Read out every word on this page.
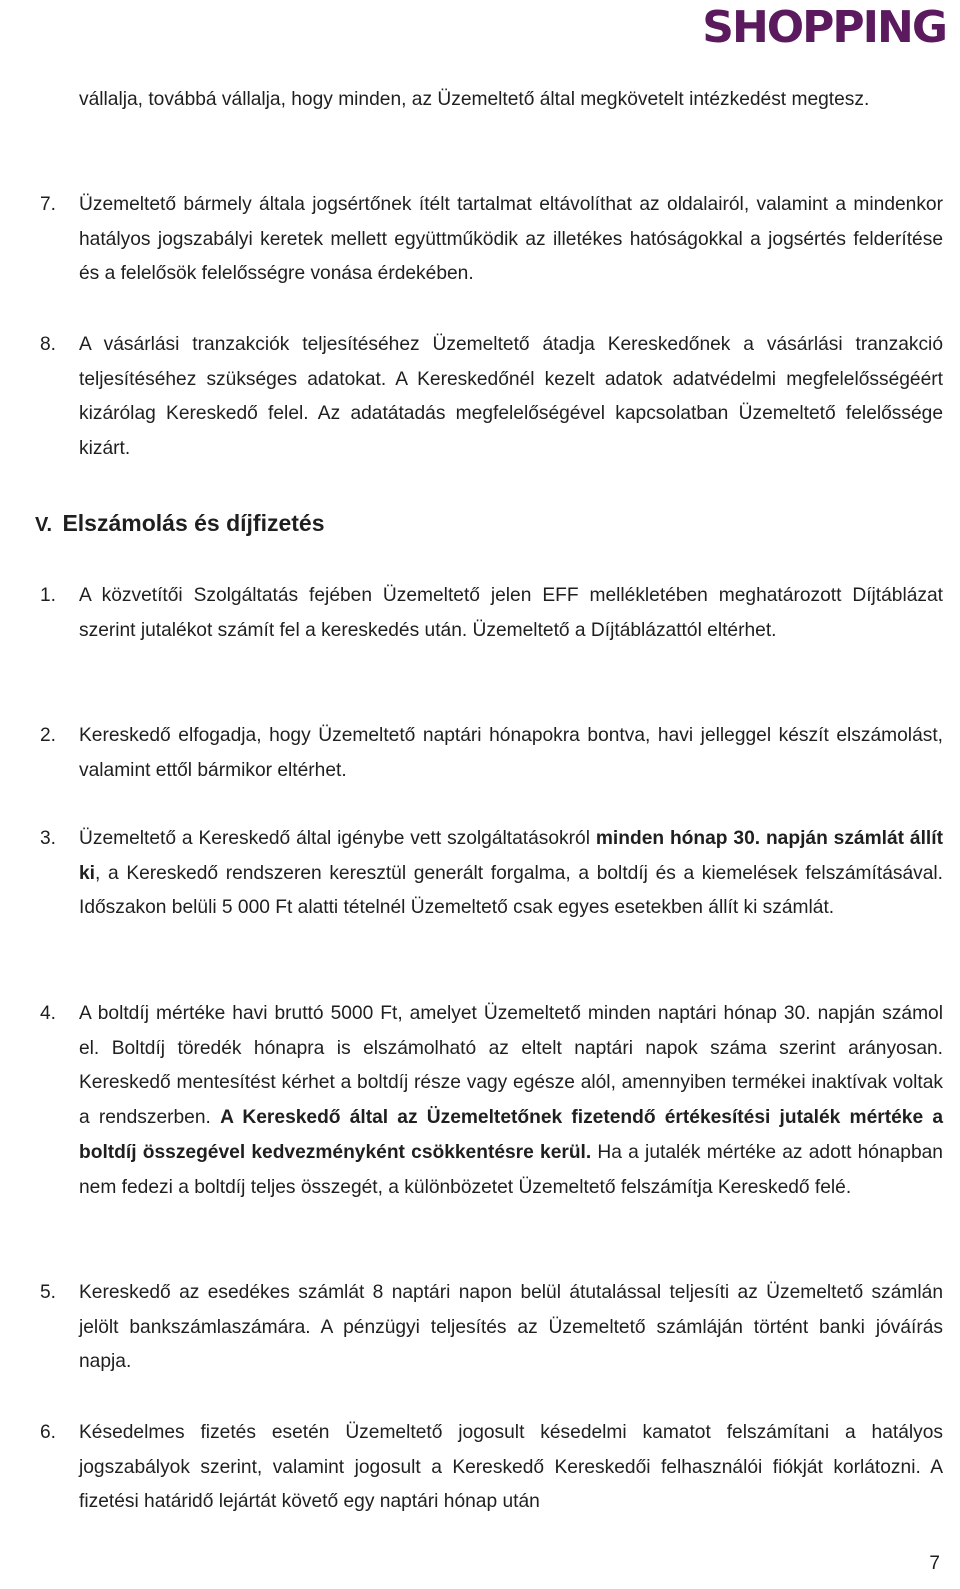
SHOPPING
vállalja, továbbá vállalja, hogy minden, az Üzemeltető által megkövetelt intézkedést megtesz.
7. Üzemeltető bármely általa jogsértőnek ítélt tartalmat eltávolíthat az oldalairól, valamint a mindenkor hatályos jogszabályi keretek mellett együttműködik az illetékes hatóságokkal a jogsértés felderítése és a felelősök felelősségre vonása érdekében.
8. A vásárlási tranzakciók teljesítéséhez Üzemeltető átadja Kereskedőnek a vásárlási tranzakció teljesítéséhez szükséges adatokat. A Kereskedőnél kezelt adatok adatvédelmi megfelelősségéért kizárólag Kereskedő felel. Az adatátadás megfelelőségével kapcsolatban Üzemeltető felelőssége kizárt.
V. Elszámolás és díjfizetés
1. A közvetítői Szolgáltatás fejében Üzemeltető jelen EFF mellékletében meghatározott Díjtáblázat szerint jutalékot számít fel a kereskedés után. Üzemeltető a Díjtáblázattól eltérhet.
2. Kereskedő elfogadja, hogy Üzemeltető naptári hónapokra bontva, havi jelleggel készít elszámolást, valamint ettől bármikor eltérhet.
3. Üzemeltető a Kereskedő által igénybe vett szolgáltatásokról minden hónap 30. napján számlát állít ki, a Kereskedő rendszeren keresztül generált forgalma, a boltdíj és a kiemelések felszámításával. Időszakon belüli 5 000 Ft alatti tételnél Üzemeltető csak egyes esetekben állít ki számlát.
4. A boltdíj mértéke havi bruttó 5000 Ft, amelyet Üzemeltető minden naptári hónap 30. napján számol el. Boltdíj töredék hónapra is elszámolható az eltelt naptári napok száma szerint arányosan. Kereskedő mentesítést kérhet a boltdíj része vagy egésze alól, amennyiben termékei inaktívak voltak a rendszerben. A Kereskedő által az Üzemeltetőnek fizetendő értékesítési jutalék mértéke a boltdíj összegével kedvezményként csökkentésre kerül. Ha a jutalék mértéke az adott hónapban nem fedezi a boltdíj teljes összegét, a különbözetet Üzemeltető felszámítja Kereskedő felé.
5. Kereskedő az esedékes számlát 8 naptári napon belül átutalással teljesíti az Üzemeltető számlán jelölt bankszámlaszámára. A pénzügyi teljesítés az Üzemeltető számláján történt banki jóváírás napja.
6. Késedelmes fizetés esetén Üzemeltető jogosult késedelmi kamatot felszámítani a hatályos jogszabályok szerint, valamint jogosult a Kereskedő Kereskedői felhasználói fiókját korlátozni. A fizetési határidő lejártát követő egy naptári hónap után
7
